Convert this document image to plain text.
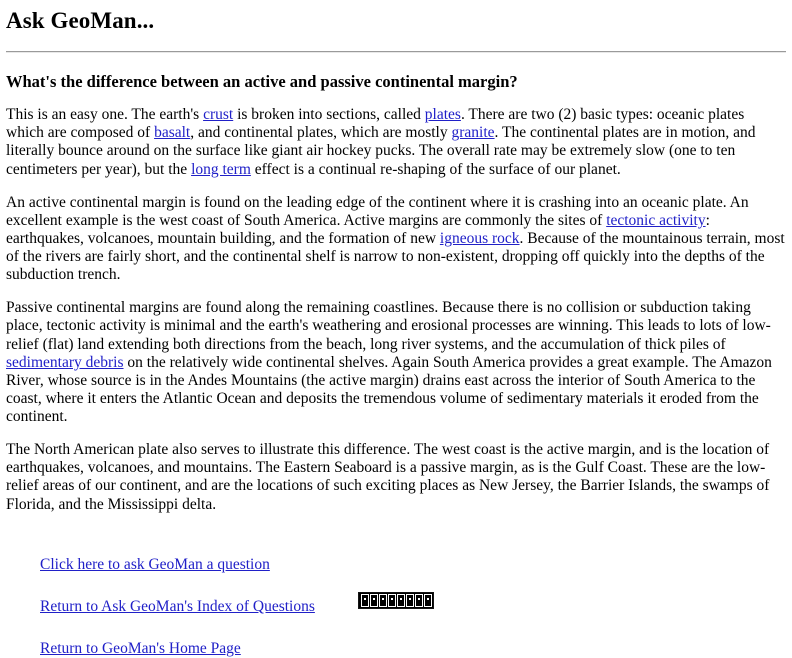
Ask GeoMan...
What's the difference between an active and passive continental margin?

This is an easy one. The earth's crust is broken into sections, called plates. There are two (2) basic types: oceanic plates which are composed of basalt, and continental plates, which are mostly granite. The continental plates are in motion, and literally bounce around on the surface like giant air hockey pucks. The overall rate may be extremely slow (one to ten centimeters per year), but the long term effect is a continual re-shaping of the surface of our planet.

An active continental margin is found on the leading edge of the continent where it is crashing into an oceanic plate. An excellent example is the west coast of South America. Active margins are commonly the sites of tectonic activity: earthquakes, volcanoes, mountain building, and the formation of new igneous rock. Because of the mountainous terrain, most of the rivers are fairly short, and the continental shelf is narrow to non-existent, dropping off quickly into the depths of the subduction trench.

Passive continental margins are found along the remaining coastlines. Because there is no collision or subduction taking place, tectonic activity is minimal and the earth's weathering and erosional processes are winning. This leads to lots of low-relief (flat) land extending both directions from the beach, long river systems, and the accumulation of thick piles of sedimentary debris on the relatively wide continental shelves. Again South America provides a great example. The Amazon River, whose source is in the Andes Mountains (the active margin) drains east across the interior of South America to the coast, where it enters the Atlantic Ocean and deposits the tremendous volume of sedimentary materials it eroded from the continent.

The North American plate also serves to illustrate this difference. The west coast is the active margin, and is the location of earthquakes, volcanoes, and mountains. The Eastern Seaboard is a passive margin, as is the Gulf Coast. These are the low-relief areas of our continent, and are the locations of such exciting places as New Jersey, the Barrier Islands, the swamps of Florida, and the Mississippi delta.

Click here to ask GeoMan a question
Return to Ask GeoMan's Index of Questions
Return to GeoMan's Home Page
